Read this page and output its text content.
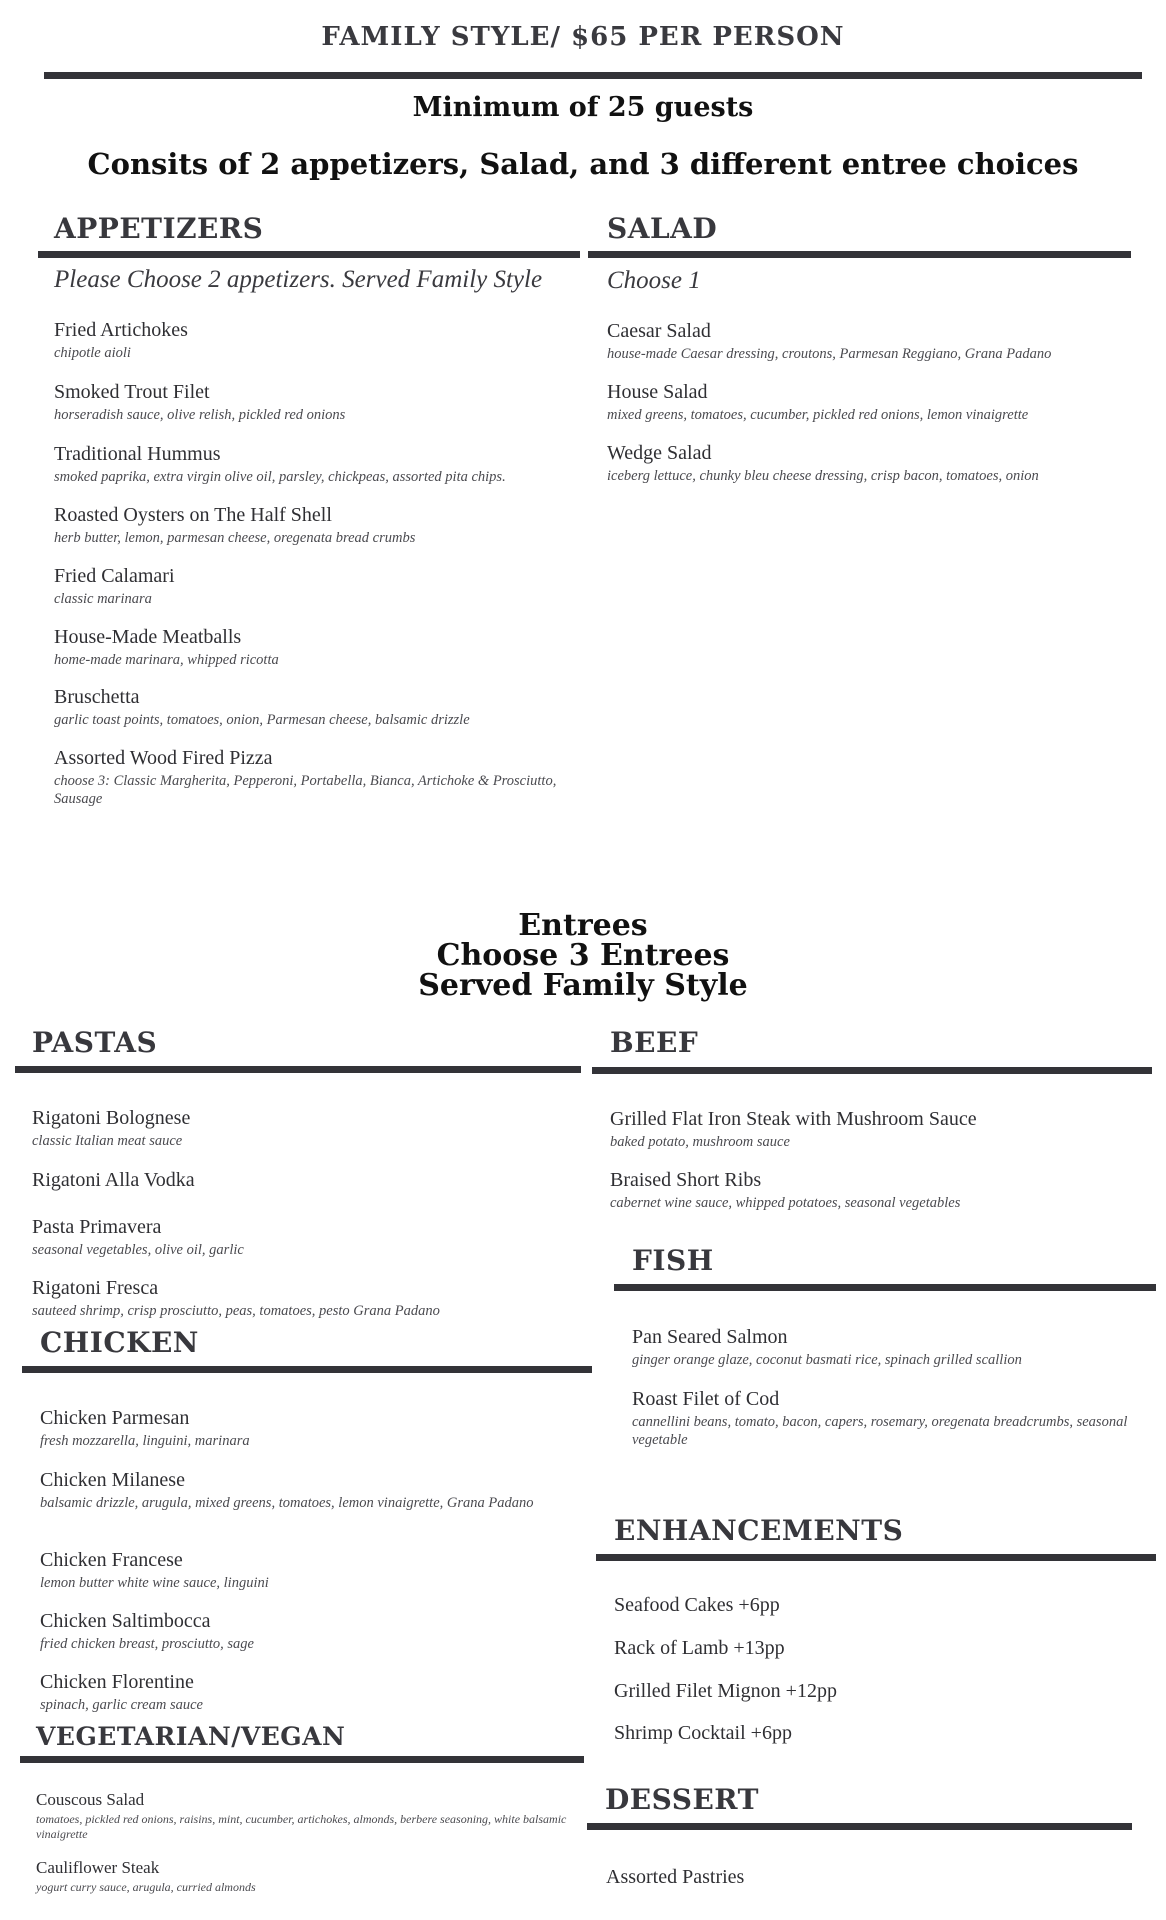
FAMILY STYLE/ $65 PER PERSON
Minimum of 25 guests
Consits of 2 appetizers, Salad, and 3 different entree choices
APPETIZERS
Please Choose 2 appetizers. Served Family Style
Fried Artichokes
chipotle aioli
Smoked Trout Filet
horseradish sauce, olive relish, pickled red onions
Traditional Hummus
smoked paprika, extra virgin olive oil, parsley, chickpeas, assorted pita chips.
Roasted Oysters on The Half Shell
herb butter, lemon, parmesan cheese, oregenata bread crumbs
Fried Calamari
classic marinara
House-Made Meatballs
home-made marinara, whipped ricotta
Bruschetta
garlic toast points, tomatoes, onion, Parmesan cheese, balsamic drizzle
Assorted Wood Fired Pizza
choose 3: Classic Margherita, Pepperoni, Portabella, Bianca, Artichoke & Prosciutto, Sausage
SALAD
Choose 1
Caesar Salad
house-made Caesar dressing, croutons, Parmesan Reggiano, Grana Padano
House Salad
mixed greens, tomatoes, cucumber, pickled red onions, lemon vinaigrette
Wedge Salad
iceberg lettuce, chunky bleu cheese dressing, crisp bacon, tomatoes, onion
Entrees
Choose 3 Entrees
Served Family Style
PASTAS
Rigatoni Bolognese
classic Italian meat sauce
Rigatoni Alla Vodka
Pasta Primavera
seasonal vegetables, olive oil, garlic
Rigatoni Fresca
sauteed shrimp, crisp prosciutto, peas, tomatoes, pesto Grana Padano
BEEF
Grilled Flat Iron Steak with Mushroom Sauce
baked potato, mushroom sauce
Braised Short Ribs
cabernet wine sauce, whipped potatoes, seasonal vegetables
FISH
Pan Seared Salmon
ginger orange glaze, coconut basmati rice, spinach grilled scallion
Roast Filet of Cod
cannellini beans, tomato, bacon, capers, rosemary, oregenata breadcrumbs, seasonal vegetable
CHICKEN
Chicken Parmesan
fresh mozzarella, linguini, marinara
Chicken Milanese
balsamic drizzle, arugula, mixed greens, tomatoes, lemon vinaigrette, Grana Padano
Chicken Francese
lemon butter white wine sauce, linguini
Chicken Saltimbocca
fried chicken breast, prosciutto, sage
Chicken Florentine
spinach, garlic cream sauce
ENHANCEMENTS
Seafood Cakes +6pp
Rack of Lamb +13pp
Grilled Filet Mignon +12pp
Shrimp Cocktail +6pp
VEGETARIAN/VEGAN
Couscous Salad
tomatoes, pickled red onions, raisins, mint, cucumber, artichokes, almonds, berbere seasoning, white balsamic vinaigrette
Cauliflower Steak
yogurt curry sauce, arugula, curried almonds
DESSERT
Assorted Pastries
